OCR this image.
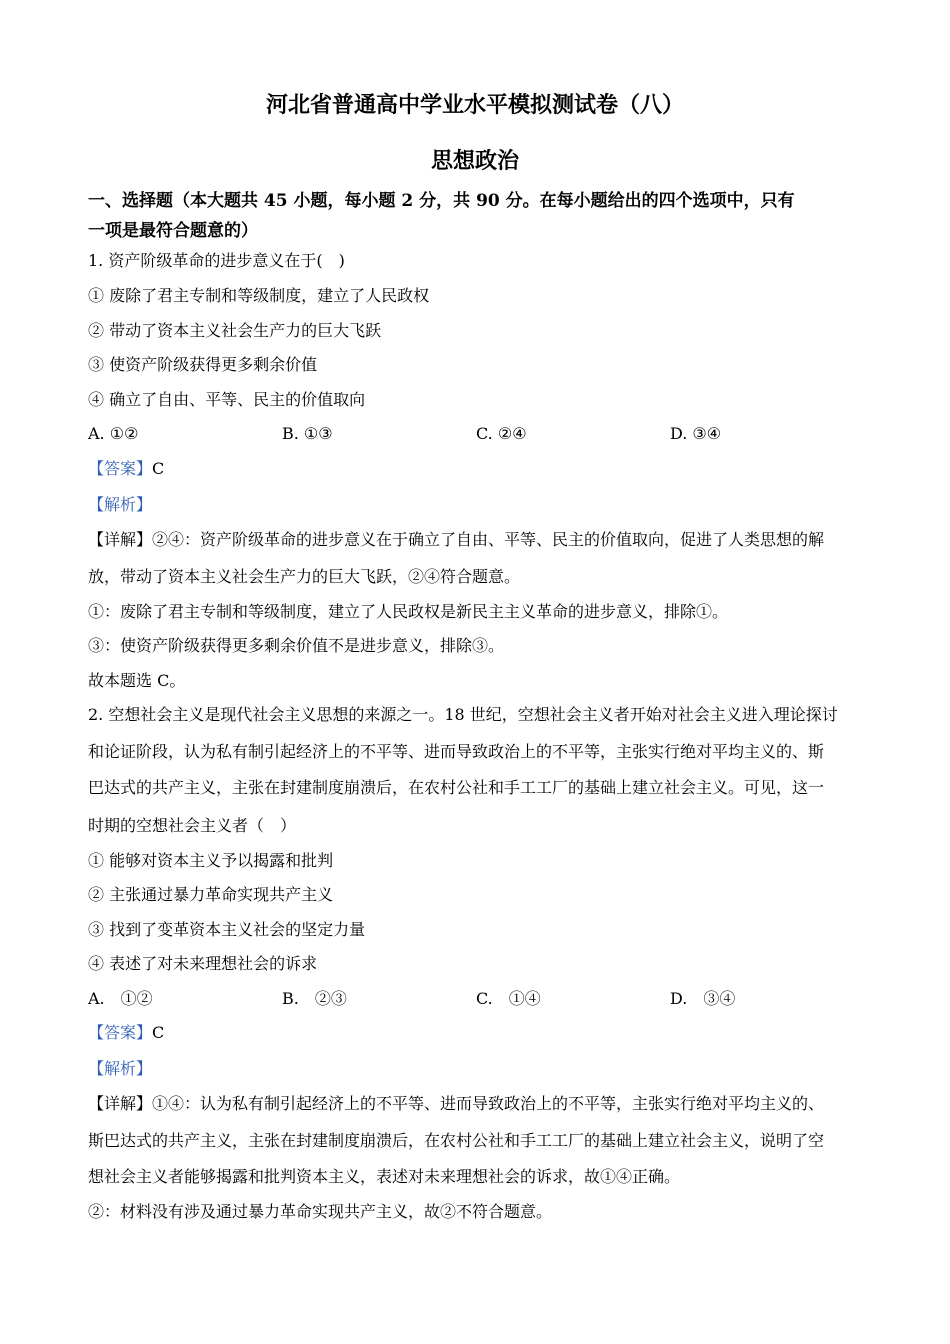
河北省普通高中学业水平模拟测试卷（八）
思想政治
一、选择题（本大题共 45 小题，每小题 2 分，共 90 分。在每小题给出的四个选项中，只有
一项是最符合题意的）
1. 资产阶级革命的进步意义在于(　)
① 废除了君主专制和等级制度，建立了人民政权
② 带动了资本主义社会生产力的巨大飞跃
③ 使资产阶级获得更多剩余价值
④ 确立了自由、平等、民主的价值取向
A. ①②	B. ①③	C. ②④	D. ③④
【答案】C
【解析】
【详解】②④：资产阶级革命的进步意义在于确立了自由、平等、民主的价值取向，促进了人类思想的解
放，带动了资本主义社会生产力的巨大飞跃，②④符合题意。
①：废除了君主专制和等级制度，建立了人民政权是新民主主义革命的进步意义，排除①。
③：使资产阶级获得更多剩余价值不是进步意义，排除③。
故本题选 C。
2. 空想社会主义是现代社会主义思想的来源之一。18 世纪，空想社会主义者开始对社会主义进入理论探讨
和论证阶段，认为私有制引起经济上的不平等、进而导致政治上的不平等，主张实行绝对平均主义的、斯
巴达式的共产主义，主张在封建制度崩溃后，在农村公社和手工工厂的基础上建立社会主义。可见，这一
时期的空想社会主义者（　）
① 能够对资本主义予以揭露和批判
② 主张通过暴力革命实现共产主义
③ 找到了变革资本主义社会的坚定力量
④ 表述了对未来理想社会的诉求
A.　①②	B.　②③	C.　①④	D.　③④
【答案】C
【解析】
【详解】①④：认为私有制引起经济上的不平等、进而导致政治上的不平等，主张实行绝对平均主义的、
斯巴达式的共产主义，主张在封建制度崩溃后，在农村公社和手工工厂的基础上建立社会主义，说明了空
想社会主义者能够揭露和批判资本主义，表述对未来理想社会的诉求，故①④正确。
②：材料没有涉及通过暴力革命实现共产主义，故②不符合题意。
